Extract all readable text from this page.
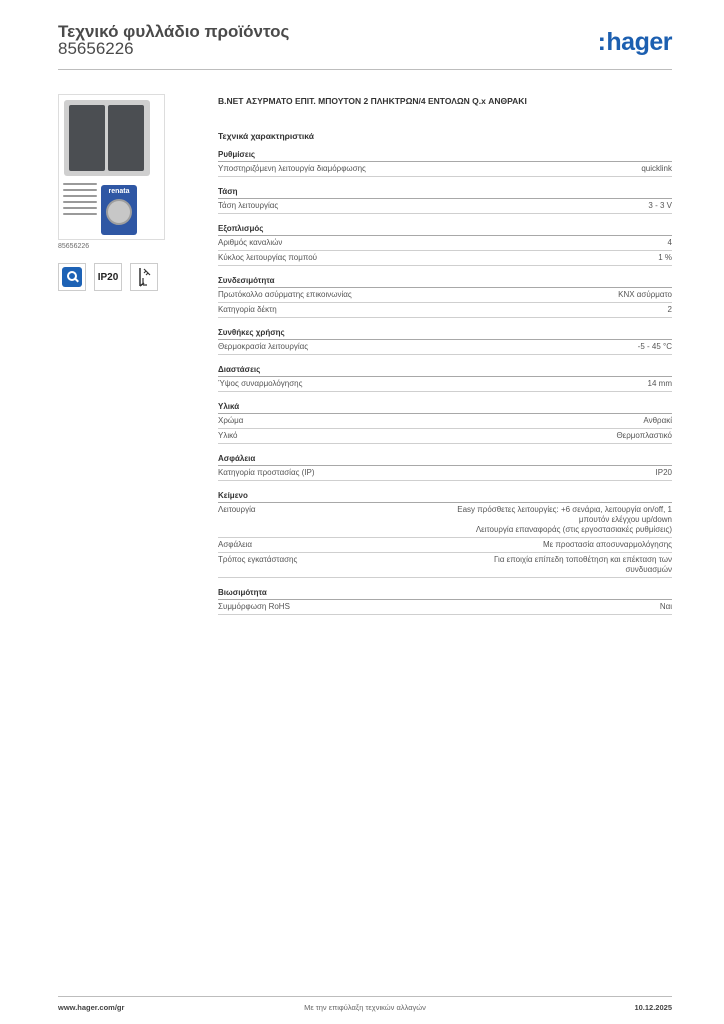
Τεχνικό φυλλάδιο προϊόντος
85656226	:hager
renata
85656226
IP20
B.NET ΑΣΥΡΜΑΤΟ ΕΠΙΤ. ΜΠΟΥΤΟΝ 2 ΠΛΗΚΤΡΩΝ/4 ΕΝΤΟΛΩΝ Q.x ΑΝΘΡΑΚΙ
Τεχνικά χαρακτηριστικά
Ρυθμίσεις
Υποστηριζόμενη λειτουργία διαμόρφωσης	quicklink
Τάση
Τάση λειτουργίας	3 - 3 V
Εξοπλισμός
Αριθμός καναλιών	4
Κύκλος λειτουργίας πομπού	1 %
Συνδεσιμότητα
Πρωτόκολλο ασύρματης επικοινωνίας	KNX ασύρματο
Κατηγορία δέκτη	2
Συνθήκες χρήσης
Θερμοκρασία λειτουργίας	-5 - 45 °C
Διαστάσεις
Ύψος συναρμολόγησης	14 mm
Υλικά
Χρώμα	Ανθρακί
Υλικό	Θερμοπλαστικό
Ασφάλεια
Κατηγορία προστασίας (IP)	IP20
Κείμενο
Λειτουργία	Easy πρόσθετες λειτουργίες: +6 σενάρια, λειτουργία on/off, 1
μπουτόν ελέγχου up/down
Λειτουργία επαναφοράς (στις εργοστασιακές ρυθμίσεις)
Ασφάλεια	Με προστασία αποσυναρμολόγησης
Τρόπος εγκατάστασης	Για εποιχία επίπεδη τοποθέτηση και επέκταση των
συνδυασμών
Βιωσιμότητα
Συμμόρφωση RoHS	Ναι
www.hager.com/gr	Με την επιφύλαξη τεχνικών αλλαγών	10.12.2025
